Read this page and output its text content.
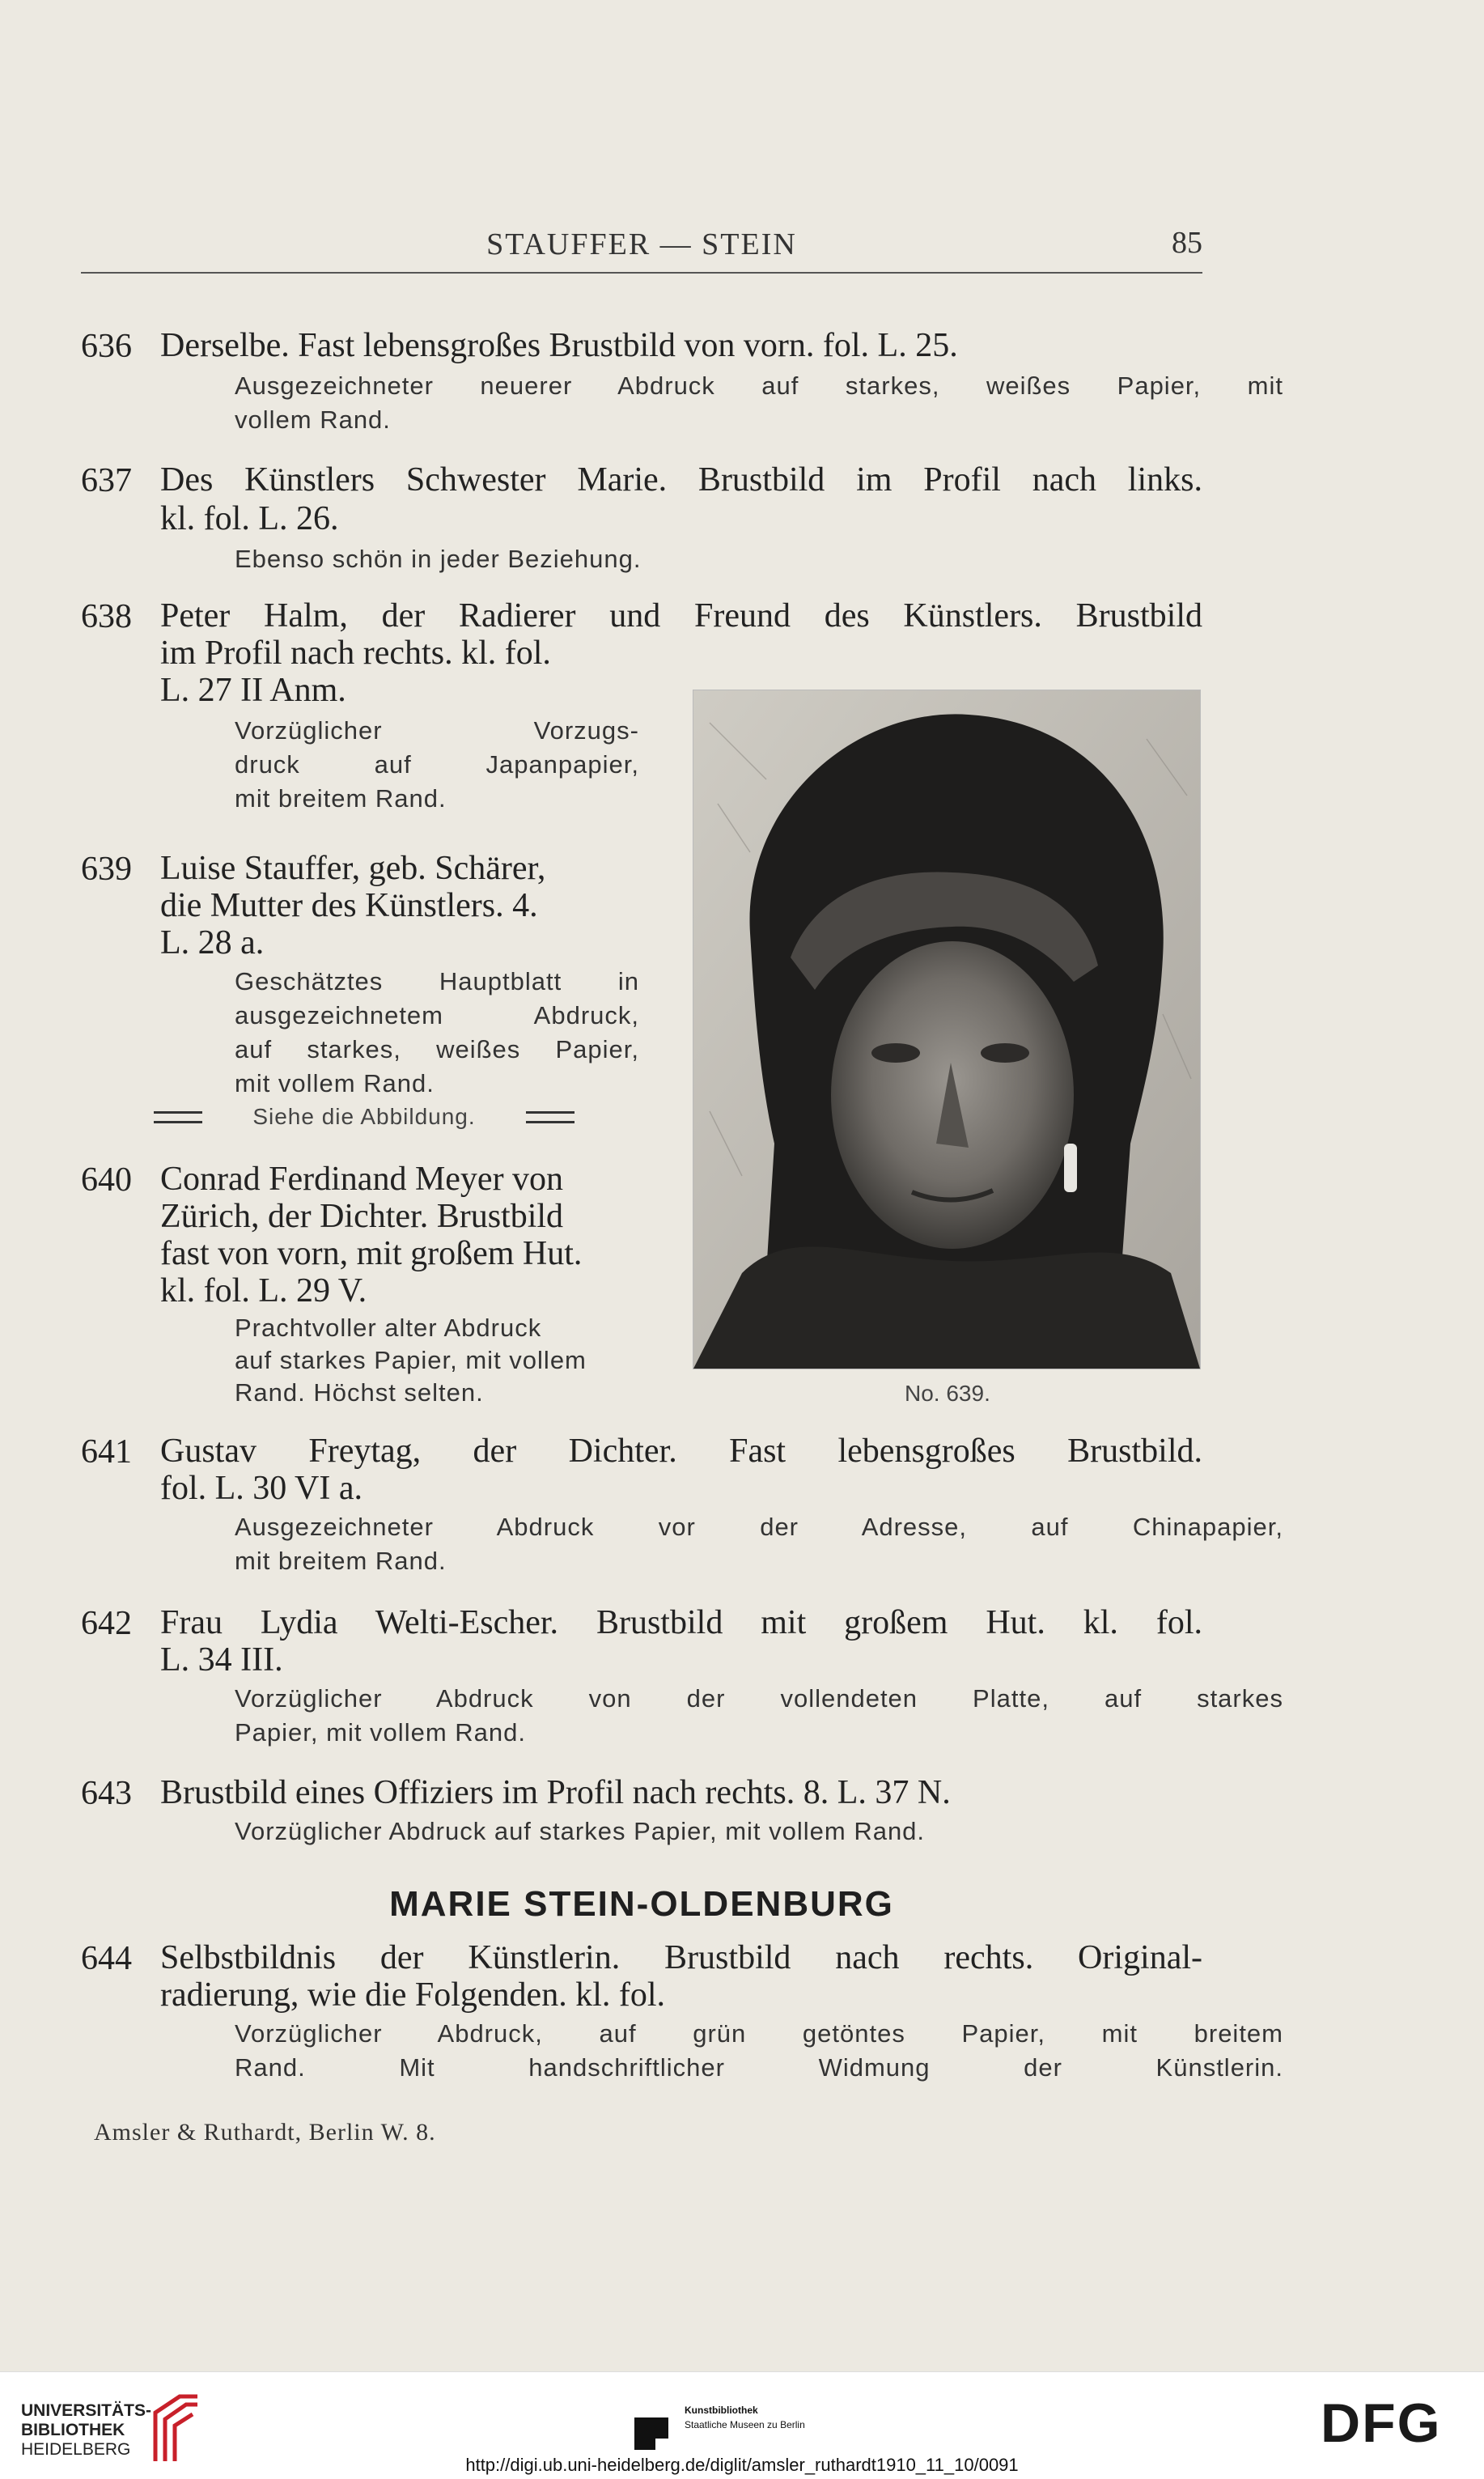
STAUFFER — STEIN	85
636 Derselbe. Fast lebensgroßes Brustbild von vorn. fol. L. 25.
Ausgezeichneter neuerer Abdruck auf starkes, weißes Papier, mit
vollem Rand.
637 Des Künstlers Schwester Marie. Brustbild im Profil nach links.
kl. fol. L. 26.
Ebenso schön in jeder Beziehung.
638 Peter Halm, der Radierer und Freund des Künstlers. Brustbild
im Profil nach rechts. kl. fol.
L. 27 II Anm.
Vorzüglicher Vorzugs-
druck auf Japanpapier,
mit breitem Rand.
639 Luise Stauffer, geb. Schärer,
die Mutter des Künstlers. 4.
L. 28 a.
Geschätztes Hauptblatt in
ausgezeichnetem Abdruck,
auf starkes, weißes Papier,
mit vollem Rand.
Siehe die Abbildung.
640 Conrad Ferdinand Meyer von
Zürich, der Dichter. Brustbild
fast von vorn, mit großem Hut.
kl. fol. L. 29 V.
Prachtvoller alter Abdruck
auf starkes Papier, mit vollem
Rand. Höchst selten.	No. 639.
641 Gustav Freytag, der Dichter. Fast lebensgroßes Brustbild.
fol. L. 30 VI a.
Ausgezeichneter Abdruck vor der Adresse, auf Chinapapier,
mit breitem Rand.
642 Frau Lydia Welti-Escher. Brustbild mit großem Hut. kl. fol.
L. 34 III.
Vorzüglicher Abdruck von der vollendeten Platte, auf starkes
Papier, mit vollem Rand.
643 Brustbild eines Offiziers im Profil nach rechts. 8. L. 37 N.
Vorzüglicher Abdruck auf starkes Papier, mit vollem Rand.
MARIE STEIN-OLDENBURG
644 Selbstbildnis der Künstlerin. Brustbild nach rechts. Original-
radierung, wie die Folgenden. kl. fol.
Vorzüglicher Abdruck, auf grün getöntes Papier, mit breitem
Rand. Mit handschriftlicher Widmung der Künstlerin.
Amsler & Ruthardt, Berlin W. 8.
UNIVERSITÄTS-
BIBLIOTHEK
HEIDELBERG
Kunstbibliothek
Staatliche Museen zu Berlin	DFG
http://digi.ub.uni-heidelberg.de/diglit/amsler_ruthardt1910_11_10/0091
